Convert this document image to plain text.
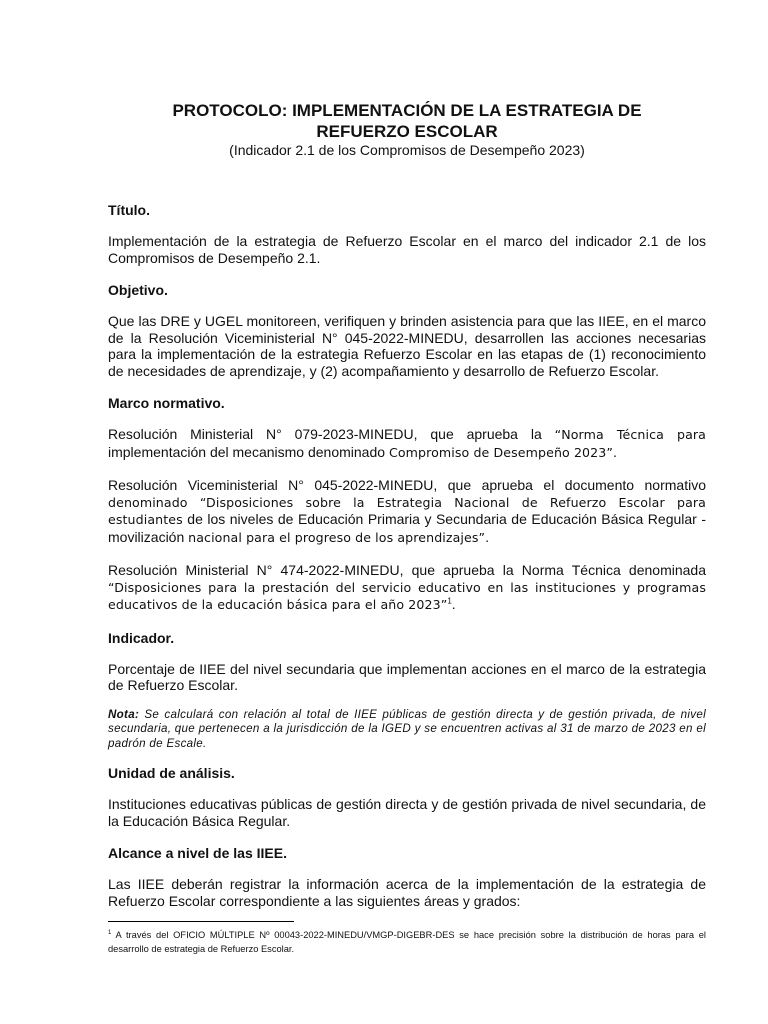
PROTOCOLO: IMPLEMENTACIÓN DE LA ESTRATEGIA DE
REFUERZO ESCOLAR
(Indicador 2.1 de los Compromisos de Desempeño 2023)

Título.

Implementación de la estrategia de Refuerzo Escolar en el marco del indicador 2.1 de los Compromisos de Desempeño 2.1.

Objetivo.

Que las DRE y UGEL monitoreen, verifiquen y brinden asistencia para que las IIEE, en el marco de la Resolución Viceministerial N° 045-2022-MINEDU, desarrollen las acciones necesarias para la implementación de la estrategia Refuerzo Escolar en las etapas de (1) reconocimiento de necesidades de aprendizaje, y (2) acompañamiento y desarrollo de Refuerzo Escolar.

Marco normativo.

Resolución Ministerial N° 079-2023-MINEDU, que aprueba la “Norma Técnica para implementación del mecanismo denominado Compromiso de Desempeño 2023”.

Resolución Viceministerial N° 045-2022-MINEDU, que aprueba el documento normativo denominado “Disposiciones sobre la Estrategia Nacional de Refuerzo Escolar para estudiantes de los niveles de Educación Primaria y Secundaria de Educación Básica Regular - movilización nacional para el progreso de los aprendizajes”.

Resolución Ministerial N° 474-2022-MINEDU, que aprueba la Norma Técnica denominada “Disposiciones para la prestación del servicio educativo en las instituciones y programas educativos de la educación básica para el año 2023”$^1$.

Indicador.

Porcentaje de IIEE del nivel secundaria que implementan acciones en el marco de la estrategia de Refuerzo Escolar.

Nota: Se calculará con relación al total de IIEE públicas de gestión directa y de gestión privada, de nivel secundaria, que pertenecen a la jurisdicción de la IGED y se encuentren activas al 31 de marzo de 2023 en el padrón de Escale.

Unidad de análisis.

Instituciones educativas públicas de gestión directa y de gestión privada de nivel secundaria, de la Educación Básica Regular.

Alcance a nivel de las IIEE.

Las IIEE deberán registrar la información acerca de la implementación de la estrategia de Refuerzo Escolar correspondiente a las siguientes áreas y grados:

$^1$ A través del OFICIO MÚLTIPLE Nº 00043-2022-MINEDU/VMGP-DIGEBR-DES se hace precisión sobre la distribución de horas para el desarrollo de estrategia de Refuerzo Escolar.
